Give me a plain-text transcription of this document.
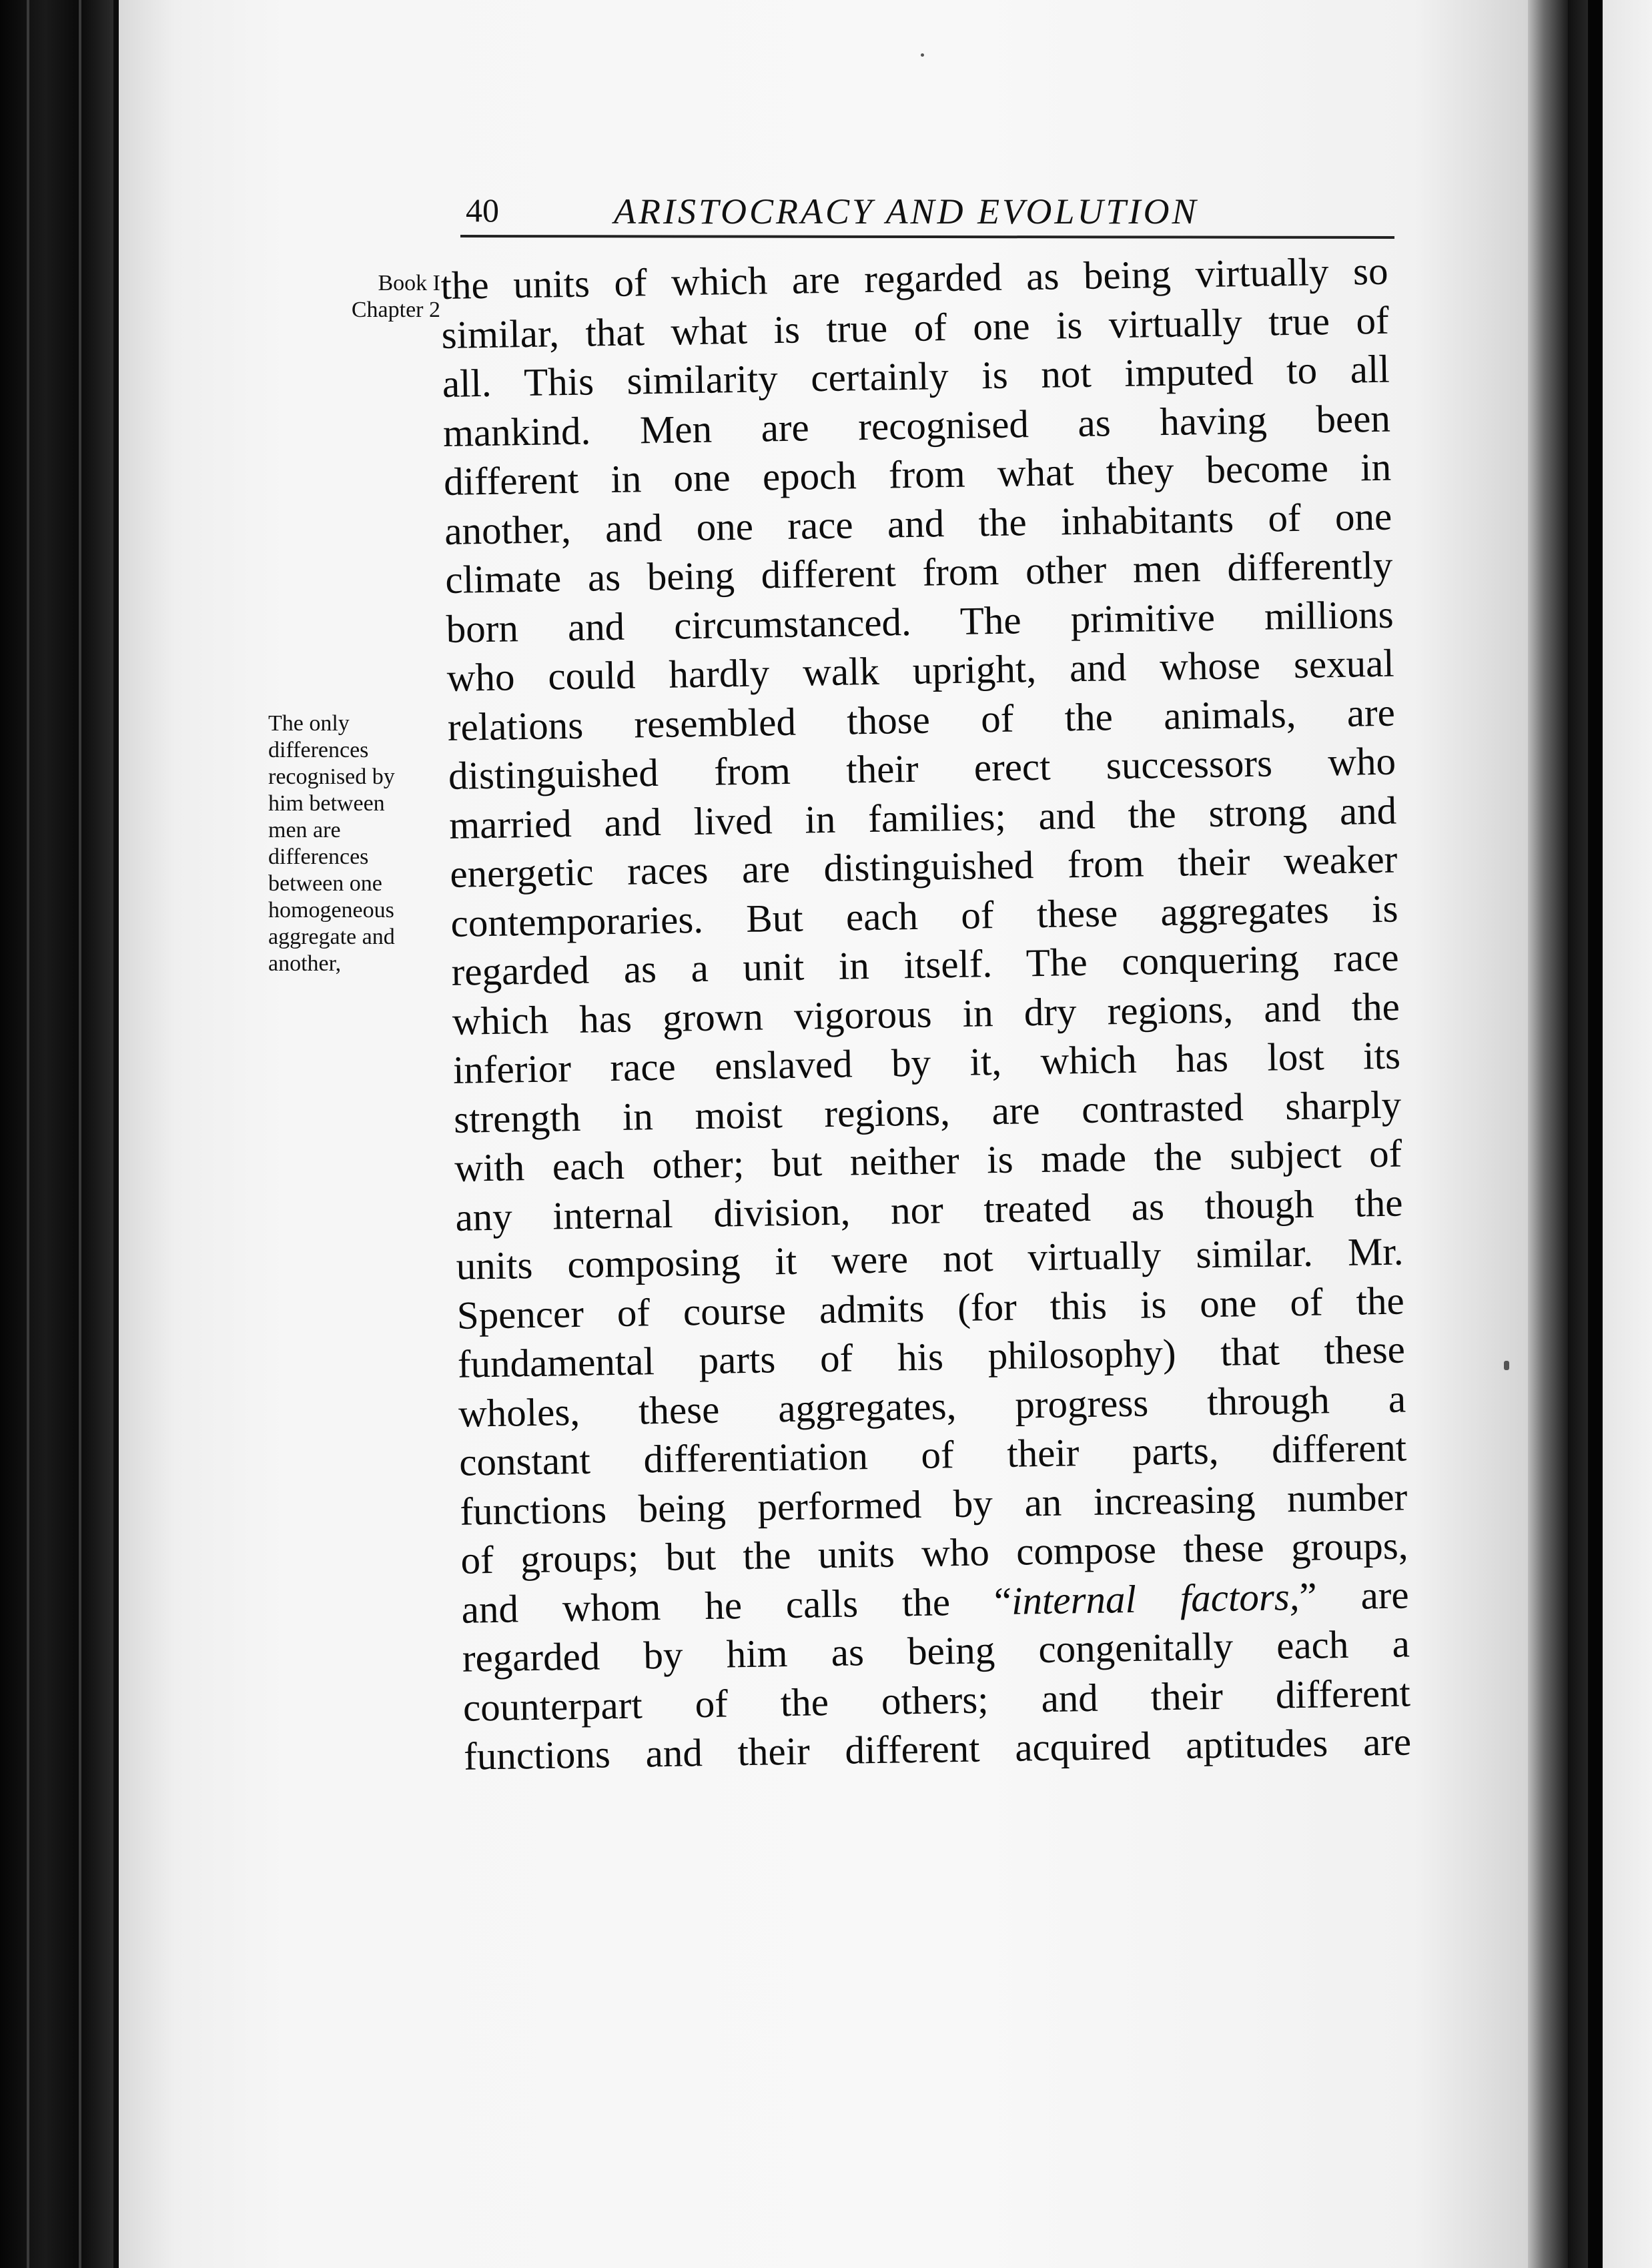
40	ARISTOCRACY AND EVOLUTION
Book I
Chapter 2
The only
differences
recognised by
him between
men are
differences
between one
homogeneous
aggregate and
another,
the units of which are regarded as being virtually so
similar, that what is true of one is virtually true of
all. This similarity certainly is not imputed to all
mankind. Men are recognised as having been
different in one epoch from what they become in
another, and one race and the inhabitants of one
climate as being different from other men differently
born and circumstanced. The primitive millions
who could hardly walk upright, and whose sexual
relations resembled those of the animals, are
distinguished from their erect successors who
married and lived in families; and the strong and
energetic races are distinguished from their weaker
contemporaries. But each of these aggregates is
regarded as a unit in itself. The conquering race
which has grown vigorous in dry regions, and the
inferior race enslaved by it, which has lost its
strength in moist regions, are contrasted sharply
with each other; but neither is made the subject of
any internal division, nor treated as though the
units composing it were not virtually similar. Mr.
Spencer of course admits (for this is one of the
fundamental parts of his philosophy) that these
wholes, these aggregates, progress through a
constant differentiation of their parts, different
functions being performed by an increasing number
of groups; but the units who compose these groups,
and whom he calls the “internal factors,” are
regarded by him as being congenitally each a
counterpart of the others; and their different
functions and their different acquired aptitudes are
